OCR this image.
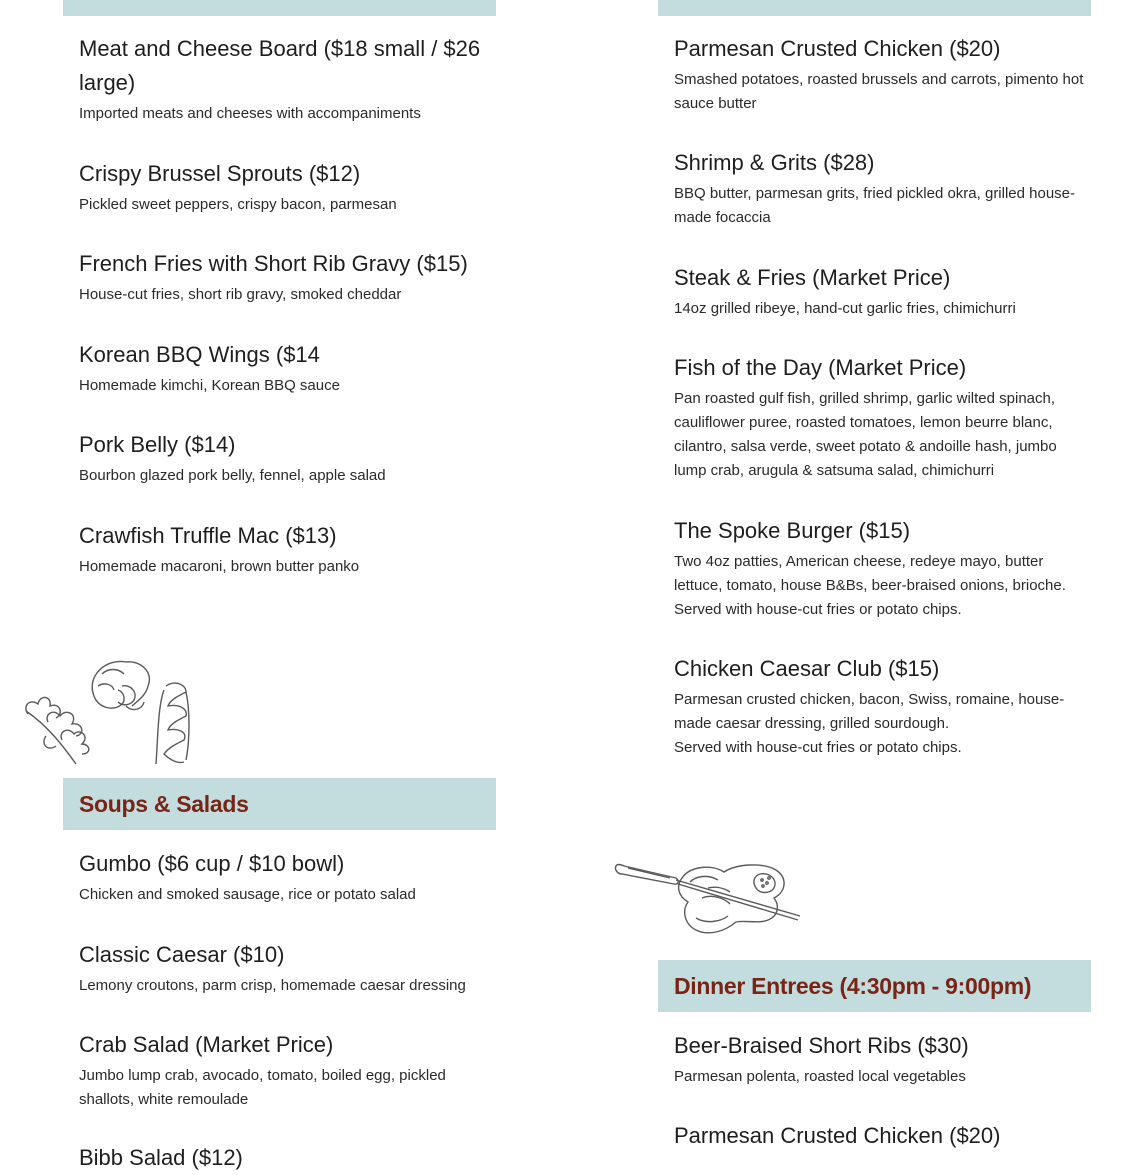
Meat and Cheese Board ($18 small / $26 large)
Imported meats and cheeses with accompaniments
Crispy Brussel Sprouts ($12)
Pickled sweet peppers, crispy bacon, parmesan
French Fries with Short Rib Gravy ($15)
House-cut fries, short rib gravy, smoked cheddar
Korean BBQ Wings ($14
Homemade kimchi, Korean BBQ sauce
Pork Belly ($14)
Bourbon glazed pork belly, fennel, apple salad
Crawfish Truffle Mac ($13)
Homemade macaroni, brown butter panko
Soups & Salads
Gumbo ($6 cup / $10 bowl)
Chicken and smoked sausage, rice or potato salad
Classic Caesar ($10)
Lemony croutons, parm crisp, homemade caesar dressing
Crab Salad (Market Price)
Jumbo lump crab, avocado, tomato, boiled egg, pickled shallots, white remoulade
Bibb Salad ($12)
Parmesan Crusted Chicken ($20)
Smashed potatoes, roasted brussels and carrots, pimento hot sauce butter
Shrimp & Grits ($28)
BBQ butter, parmesan grits, fried pickled okra, grilled house-made focaccia
Steak & Fries (Market Price)
14oz grilled ribeye, hand-cut garlic fries, chimichurri
Fish of the Day (Market Price)
Pan roasted gulf fish, grilled shrimp, garlic wilted spinach, cauliflower puree, roasted tomatoes, lemon beurre blanc, cilantro, salsa verde, sweet potato & andoille hash, jumbo lump crab, arugula & satsuma salad, chimichurri
The Spoke Burger ($15)
Two 4oz patties, American cheese, redeye mayo, butter lettuce, tomato, house B&Bs, beer-braised onions, brioche.
Served with house-cut fries or potato chips.
Chicken Caesar Club ($15)
Parmesan crusted chicken, bacon, Swiss, romaine, house-made caesar dressing, grilled sourdough.
Served with house-cut fries or potato chips.
Dinner Entrees (4:30pm - 9:00pm)
Beer-Braised Short Ribs ($30)
Parmesan polenta, roasted local vegetables
Parmesan Crusted Chicken ($20)
